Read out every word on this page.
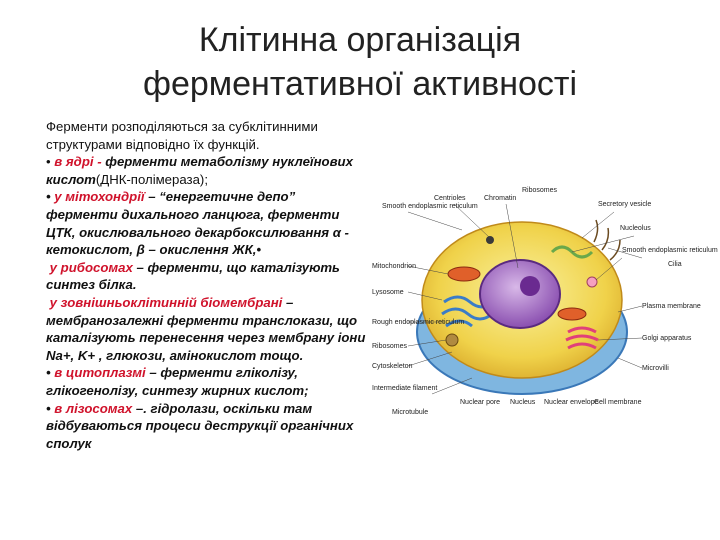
Клітинна організація
ферментативної активності

Ферменти розподіляються за субклітинними структурами відповідно їх функцій.

• в ядрі - ферменти метаболізму нуклеїнових кислот(ДНК-полімераза);

• у мітохондрії – “енергетичне депо” ферменти дихального ланцюга, ферменти ЦТК, окислювального декарбоксилювання α - кетокислот, β – окислення ЖК,•

у рибосомах – ферменти, що каталізують синтез білка.

у зовнішньоклітинній біомембрані – мембранозалежні ферменти транслокази, що каталізують перенесення через мембрану іони Na+, K+ , глюкози, амінокислот тощо.

• в цитоплазмі – ферменти гліколізу, глікогенолізу, синтезу жирних кислот;

• в лізосомах –. гідролази, оскільки там відбуваються процеси деструкції органічних сполук

Smooth endoplasmic reticulum
Centrioles
Mitochondrion
Lysosome
Rough endoplasmic reticulum
Ribosomes
Cytoskeleton
Intermediate filament
Microtubule
Chromatin
Ribosomes
Secretory vesicle
Nucleolus
Smooth endoplasmic reticulum
Cilia
Plasma membrane
Golgi apparatus
Microvilli
Nuclear pore Nucleus Nuclear envelope
Cell membrane
